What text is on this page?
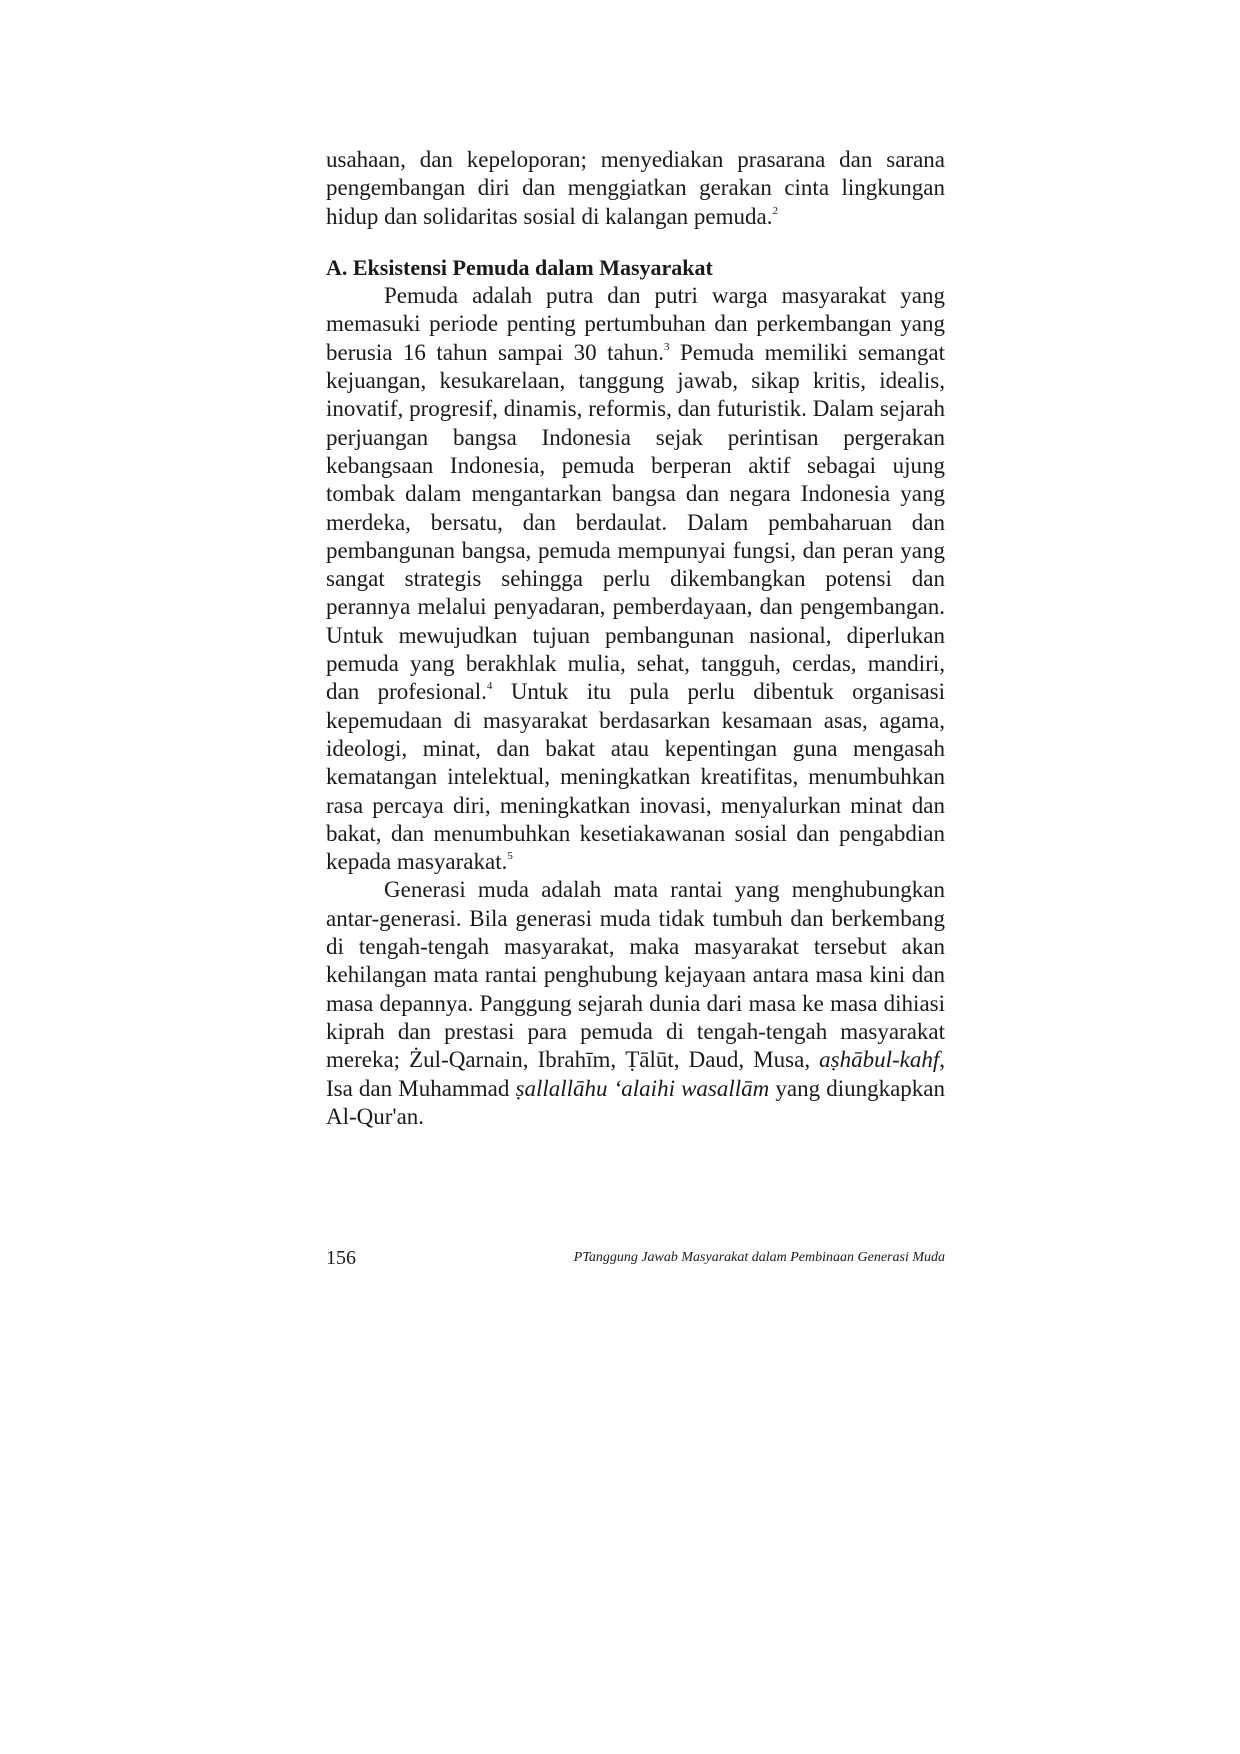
usahaan, dan kepeloporan; menyediakan prasarana dan sarana pengembangan diri dan menggiatkan gerakan cinta lingkungan hidup dan solidaritas sosial di kalangan pemuda.$^2$

A. Eksistensi Pemuda dalam Masyarakat

Pemuda adalah putra dan putri warga masyarakat yang memasuki periode penting pertumbuhan dan perkembangan yang berusia 16 tahun sampai 30 tahun.$^3$ Pemuda memiliki semangat kejuangan, kesukarelaan, tanggung jawab, sikap kritis, idealis, inovatif, progresif, dinamis, reformis, dan futuristik. Dalam sejarah perjuangan bangsa Indonesia sejak perintisan pergerakan kebangsaan Indonesia, pemuda berperan aktif sebagai ujung tombak dalam mengantarkan bangsa dan negara Indonesia yang merdeka, bersatu, dan berdaulat. Dalam pembaharuan dan pembangunan bangsa, pemuda mempunyai fungsi, dan peran yang sangat strategis sehingga perlu dikembangkan potensi dan perannya melalui penyadaran, pemberdayaan, dan pengembangan. Untuk mewujudkan tujuan pembangunan nasional, diperlukan pemuda yang berakhlak mulia, sehat, tangguh, cerdas, mandiri, dan profesional.$^4$ Untuk itu pula perlu dibentuk organisasi kepemudaan di masyarakat berdasarkan kesamaan asas, agama, ideologi, minat, dan bakat atau kepentingan guna mengasah kematangan intelektual, meningkatkan kreatifitas, menumbuhkan rasa percaya diri, meningkatkan inovasi, menyalurkan minat dan bakat, dan menumbuhkan kesetiakawanan sosial dan pengabdian kepada masyarakat.$^5$

Generasi muda adalah mata rantai yang menghubungkan antar-generasi. Bila generasi muda tidak tumbuh dan berkembang di tengah-tengah masyarakat, maka masyarakat tersebut akan kehilangan mata rantai penghubung kejayaan antara masa kini dan masa depannya. Panggung sejarah dunia dari masa ke masa dihiasi kiprah dan prestasi para pemuda di tengah-tengah masyarakat mereka; Żul-Qarnain, Ibrahīm, Ṭālūt, Daud, Musa, aṣhābul-kahf, Isa dan Muhammad ṣallallāhu ‘alaihi wasallām yang diungkapkan Al-Qur'an.

156	PTanggung Jawab Masyarakat dalam Pembinaan Generasi Muda
